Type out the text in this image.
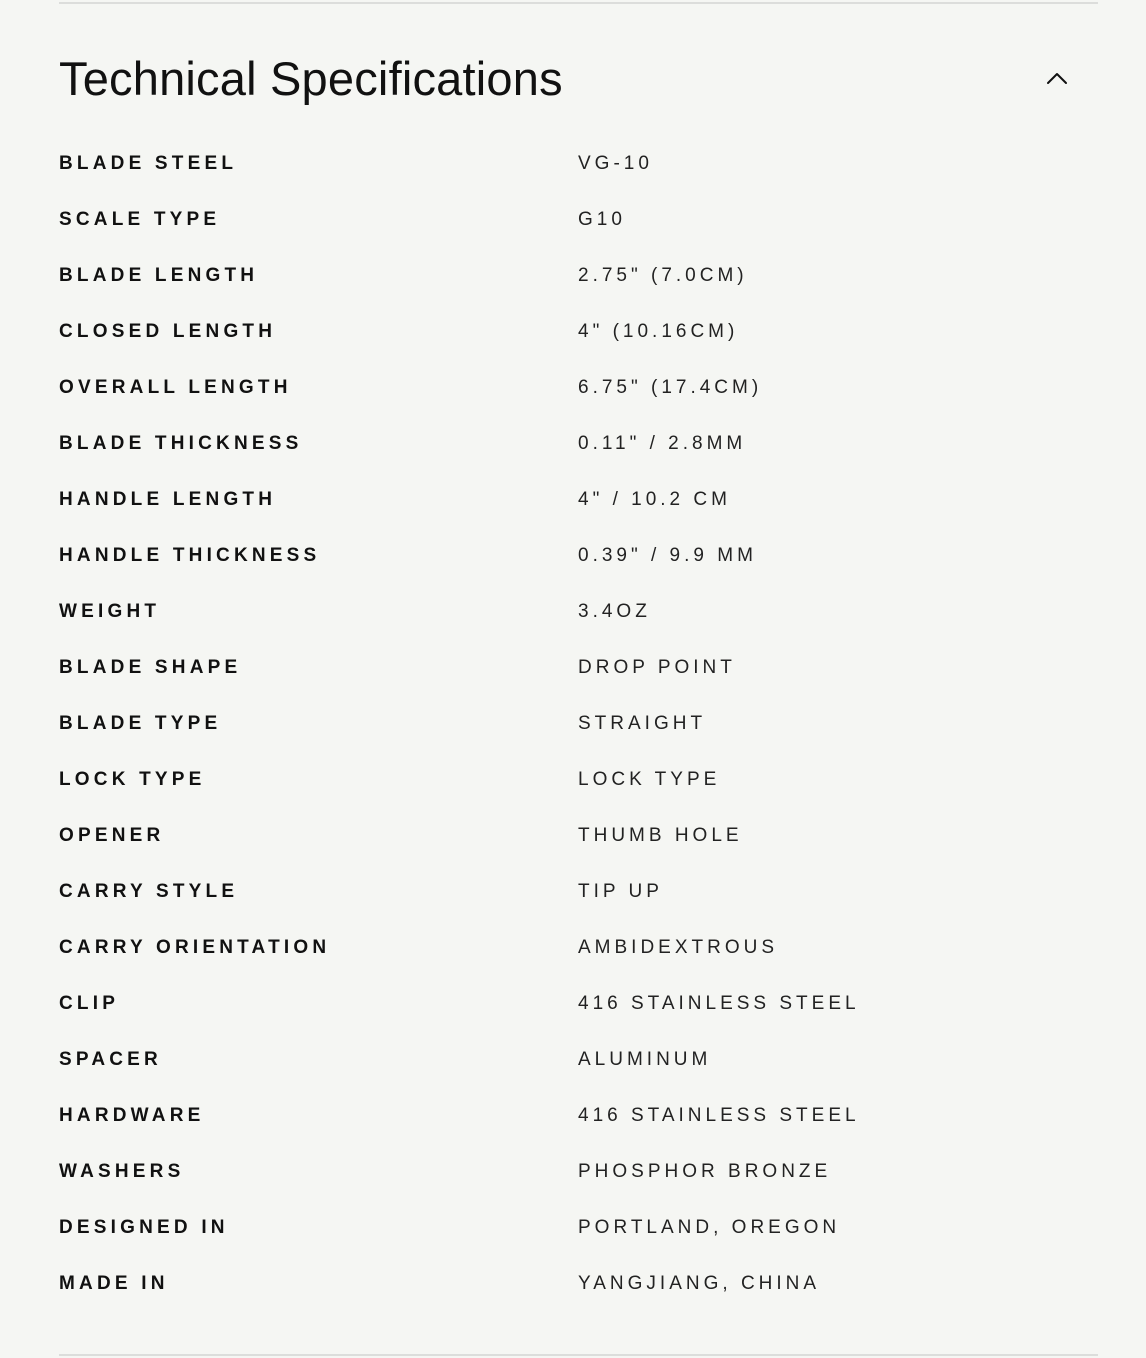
Technical Specifications
BLADE STEEL	VG-10
SCALE TYPE	G10
BLADE LENGTH	2.75" (7.0CM)
CLOSED LENGTH	4" (10.16CM)
OVERALL LENGTH	6.75" (17.4CM)
BLADE THICKNESS	0.11" / 2.8MM
HANDLE LENGTH	4" / 10.2 CM
HANDLE THICKNESS	0.39" / 9.9 MM
WEIGHT	3.4OZ
BLADE SHAPE	DROP POINT
BLADE TYPE	STRAIGHT
LOCK TYPE	LOCK TYPE
OPENER	THUMB HOLE
CARRY STYLE	TIP UP
CARRY ORIENTATION	AMBIDEXTROUS
CLIP	416 STAINLESS STEEL
SPACER	ALUMINUM
HARDWARE	416 STAINLESS STEEL
WASHERS	PHOSPHOR BRONZE
DESIGNED IN	PORTLAND, OREGON
MADE IN	YANGJIANG, CHINA
